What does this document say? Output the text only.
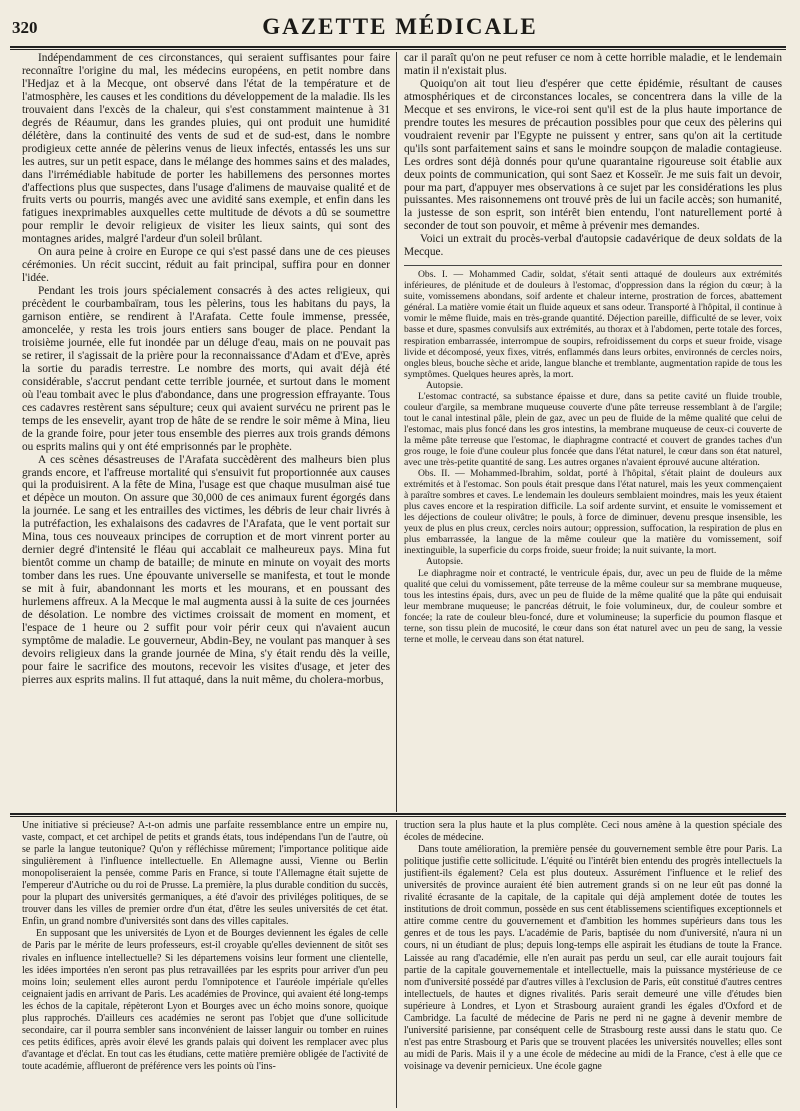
320	GAZETTE MÉDICALE

Indépendamment de ces circonstances, qui seraient suffisantes pour faire reconnaître l'origine du mal, les médecins européens, en petit nombre dans l'Hedjaz et à la Mecque, ont observé dans l'état de la température et de l'atmosphère, les causes et les conditions du développement de la maladie. Ils les trouvaient dans l'excès de la chaleur, qui s'est constamment maintenue à 31 degrés de Réaumur, dans les grandes pluies, qui ont produit une humidité délétère, dans la continuité des vents de sud et de sud-est, dans le nombre prodigieux cette année de pèlerins venus de lieux infectés, entassés les uns sur les autres, sur un petit espace, dans le mélange des hommes sains et des malades, dans l'irrémédiable habitude de porter les habillemens des personnes mortes d'affections plus que suspectes, dans l'usage d'alimens de mauvaise qualité et de fruits verts ou pourris, mangés avec une avidité sans exemple, et enfin dans les fatigues inexprimables auxquelles cette multitude de dévots a dû se soumettre pour remplir le devoir religieux de visiter les lieux saints, qui sont des montagnes arides, malgré l'ardeur d'un soleil brûlant.

On aura peine à croire en Europe ce qui s'est passé dans une de ces pieuses cérémonies. Un récit succint, réduit au fait principal, suffira pour en donner l'idée.

Pendant les trois jours spécialement consacrés à des actes religieux, qui précèdent le courbambaïram, tous les pèlerins, tous les habitans du pays, la garnison entière, se rendirent à l'Arafata. Cette foule immense, pressée, amoncelée, y resta les trois jours entiers sans bouger de place. Pendant la troisième journée, elle fut inondée par un déluge d'eau, mais on ne pouvait pas se retirer, il s'agissait de la prière pour la reconnaissance d'Adam et d'Eve, après la sortie du paradis terrestre. Le nombre des morts, qui avait déjà été considérable, s'accrut pendant cette terrible journée, et surtout dans le moment où l'eau tombait avec le plus d'abondance, dans une progression effrayante. Tous ces cadavres restèrent sans sépulture; ceux qui avaient survécu ne prirent pas le temps de les ensevelir, ayant trop de hâte de se rendre le soir même à Mina, lieu de la grande foire, pour jeter tous ensemble des pierres aux trois grands démons ou esprits malins qui y ont été emprisonnés par le prophète.

A ces scènes désastreuses de l'Arafata succèdèrent des malheurs bien plus grands encore, et l'affreuse mortalité qui s'ensuivit fut proportionnée aux causes qui la produisirent. A la fête de Mina, l'usage est que chaque musulman aisé tue et dépèce un mouton. On assure que 30,000 de ces animaux furent égorgés dans la journée. Le sang et les entrailles des victimes, les débris de leur chair livrés à la putréfaction, les exhalaisons des cadavres de l'Arafata, que le vent portait sur Mina, tous ces nouveaux principes de corruption et de mort vinrent porter au dernier degré d'intensité le fléau qui accablait ce malheureux pays. Mina fut bientôt comme un champ de bataille; de minute en minute on voyait des morts tomber dans les rues. Une épouvante universelle se manifesta, et tout le monde se mit à fuir, abandonnant les morts et les mourans, et en poussant des hurlemens affreux. A la Mecque le mal augmenta aussi à la suite de ces journées de désolation. Le nombre des victimes croissait de moment en moment, et l'espace de 1 heure ou 2 suffit pour voir périr ceux qui n'avaient aucun symptôme de maladie. Le gouverneur, Abdin-Bey, ne voulant pas manquer à ses devoirs religieux dans la grande journée de Mina, s'y était rendu dès la veille, pour faire le sacrifice des moutons, recevoir les visites d'usage, et jeter des pierres aux esprits malins. Il fut attaqué, dans la nuit même, du cholera-morbus,

car il paraît qu'on ne peut refuser ce nom à cette horrible maladie, et le lendemain matin il n'existait plus.

Quoiqu'on ait tout lieu d'espérer que cette épidémie, résultant de causes atmosphériques et de circonstances locales, se concentrera dans la ville de la Mecque et ses environs, le vice-roi sent qu'il est de la plus haute importance de prendre toutes les mesures de précaution possibles pour que ceux des pèlerins qui voudraient revenir par l'Egypte ne puissent y entrer, sans qu'on ait la certitude qu'ils sont parfaitement sains et sans le moindre soupçon de maladie contagieuse. Les ordres sont déjà donnés pour qu'une quarantaine rigoureuse soit établie aux deux points de communication, qui sont Saez et Kosseïr. Je me suis fait un devoir, pour ma part, d'appuyer mes observations à ce sujet par les considérations les plus puissantes. Mes raisonnemens ont trouvé près de lui un facile accès; son humanité, la justesse de son esprit, son intérêt bien entendu, l'ont naturellement porté à seconder de tout son pouvoir, et même à prévenir mes demandes.

Voici un extrait du procès-verbal d'autopsie cadavérique de deux soldats de la Mecque.

Obs. I. — Mohammed Cadir, soldat, s'était senti attaqué de douleurs aux extrémités inférieures, de plénitude et de douleurs à l'estomac, d'oppression dans la région du cœur; à la suite, vomissemens abondans, soif ardente et chaleur interne, prostration de forces, abattement général. La matière vomie était un fluide aqueux et sans odeur. Transporté à l'hôpital, il continue à vomir le même fluide, mais en très-grande quantité. Déjection pareille, difficulté de se lever, voix basse et dure, spasmes convulsifs aux extrémités, au thorax et à l'abdomen, perte totale des forces, respiration embarrassée, interrompue de soupirs, refroidissement du corps et sueur froide, visage livide et décomposé, yeux fixes, vitrés, enflammés dans leurs orbites, environnés de cercles noirs, ongles bleus, bouche sèche et aride, langue blanche et tremblante, augmentation rapide de tous les symptômes. Quelques heures après, la mort.

Autopsie.

L'estomac contracté, sa substance épaisse et dure, dans sa petite cavité un fluide trouble, couleur d'argile, sa membrane muqueuse couverte d'une pâte terreuse ressemblant à de l'argile; tout le canal intestinal pâle, plein de gaz, avec un peu de fluide de la même qualité que celui de l'estomac, mais plus foncé dans les gros intestins, la membrane muqueuse de ceux-ci couverte de la même pâte terreuse que l'estomac, le diaphragme contracté et couvert de grandes taches d'un gros rouge, le foie d'une couleur plus foncée que dans l'état naturel, le cœur dans son état naturel, avec une très-petite quantité de sang. Les autres organes n'avaient éprouvé aucune altération.

Obs. II. — Mohammed-Ibrahim, soldat, porté à l'hôpital, s'était plaint de douleurs aux extrémités et à l'estomac. Son pouls était presque dans l'état naturel, mais les yeux commençaient à paraître sombres et caves. Le lendemain les douleurs semblaient moindres, mais les yeux étaient plus caves encore et la respiration difficile. La soif ardente survint, et ensuite le vomissement et les déjections de couleur olivâtre; le pouls, à force de diminuer, devenu presque insensible, les yeux de plus en plus creux, cercles noirs autour; oppression, suffocation, la respiration de plus en plus embarrassée, la langue de la même couleur que la matière du vomissement, soif inextinguible, la superficie du corps froide, sueur froide; la nuit suivante, la mort.

Autopsie.

Le diaphragme noir et contracté, le ventricule épais, dur, avec un peu de fluide de la même qualité que celui du vomissement, pâte terreuse de la même couleur sur sa membrane muqueuse, tous les intestins épais, durs, avec un peu de fluide de la même qualité que la pâte qui enduisait leur membrane muqueuse; le pancréas détruit, le foie volumineux, dur, de couleur sombre et foncée; la rate de couleur bleu-foncé, dure et volumineuse; la superficie du poumon flasque et terne, son tissu plein de mucosité, le cœur dans son état naturel avec un peu de sang, la vessie terne et molle, le cerveau dans son état naturel.

Une initiative si précieuse? A-t-on admis une parfaite ressemblance entre un empire nu, vaste, compact, et cet archipel de petits et grands états, tous indépendans l'un de l'autre, où se parle la langue teutonique? Qu'on y réfléchisse mûrement; l'importance politique aide singulièrement à l'influence intellectuelle. En Allemagne aussi, Vienne ou Berlin monopoliseraient la pensée, comme Paris en France, si toute l'Allemagne était sujette de l'empereur d'Autriche ou du roi de Prusse. La première, la plus durable condition du succès, pour la plupart des universités germaniques, a été d'avoir des priviléges politiques, de se trouver dans les villes de premier ordre d'un état, d'être les seules universités de cet état. Enfin, un grand nombre d'universités sont dans des villes capitales.

En supposant que les universités de Lyon et de Bourges deviennent les égales de celle de Paris par le mérite de leurs professeurs, est-il croyable qu'elles deviennent de sitôt ses rivales en influence intellectuelle? Si les départemens voisins leur forment une clientelle, les idées importées n'en seront pas plus retravaillées par les esprits pour arriver d'un peu moins loin; seulement elles auront perdu l'omnipotence et l'auréole impériale qu'elles ceignaient jadis en arrivant de Paris. Les académies de Province, qui avaient été long-temps les échos de la capitale, répèteront Lyon et Bourges avec un écho moins sonore, quoique plus rapprochés. D'ailleurs ces académies ne seront pas l'objet que d'une sollicitude secondaire, car il pourra sembler sans inconvénient de laisser languir ou tomber en ruines ces petits édifices, après avoir élevé les grands palais qui doivent les remplacer avec plus d'avantage et d'éclat. En tout cas les étudians, cette matière première obligée de l'activité de toute académie, afflueront de préférence vers les points où l'ins-

truction sera la plus haute et la plus complète. Ceci nous amène à la question spéciale des écoles de médecine.

Dans toute amélioration, la première pensée du gouvernement semble être pour Paris. La politique justifie cette sollicitude. L'équité ou l'intérêt bien entendu des progrès intellectuels la justifient-ils également? Cela est plus douteux. Assurément l'influence et le relief des universités de province auraient été bien autrement grands si on ne leur eût pas donné la rivalité écrasante de la capitale, de la capitale qui déjà amplement dotée de toutes les institutions de droit commun, possède en sus cent établissemens scientifiques exceptionnels et attire comme centre du gouvernement et d'ambition les hommes supérieurs dans tous les genres et de tous les pays. L'académie de Paris, baptisée du nom d'université, n'aura ni un cours, ni un étudiant de plus; depuis long-temps elle aspirait les étudians de toute la France. Laissée au rang d'académie, elle n'en aurait pas perdu un seul, car elle aurait toujours fait partie de la capitale gouvernementale et intellectuelle, mais la puissance mystérieuse de ce nom d'université possédé par d'autres villes à l'exclusion de Paris, eût constitué d'autres centres intellectuels, de hautes et dignes rivalités. Paris serait demeuré une ville d'études bien supérieure à Londres, et Lyon et Strasbourg auraient grandi les égales d'Oxford et de Cambridge. La faculté de médecine de Paris ne perd ni ne gagne à devenir membre de l'université parisienne, par conséquent celle de Strasbourg reste aussi dans le statu quo. Ce n'est pas entre Strasbourg et Paris que se trouvent placées les universités nouvelles; elles sont au midi de Paris. Mais il y a une école de médecine au midi de la France, c'est à elle que ce voisinage va devenir pernicieux. Une école gagne
